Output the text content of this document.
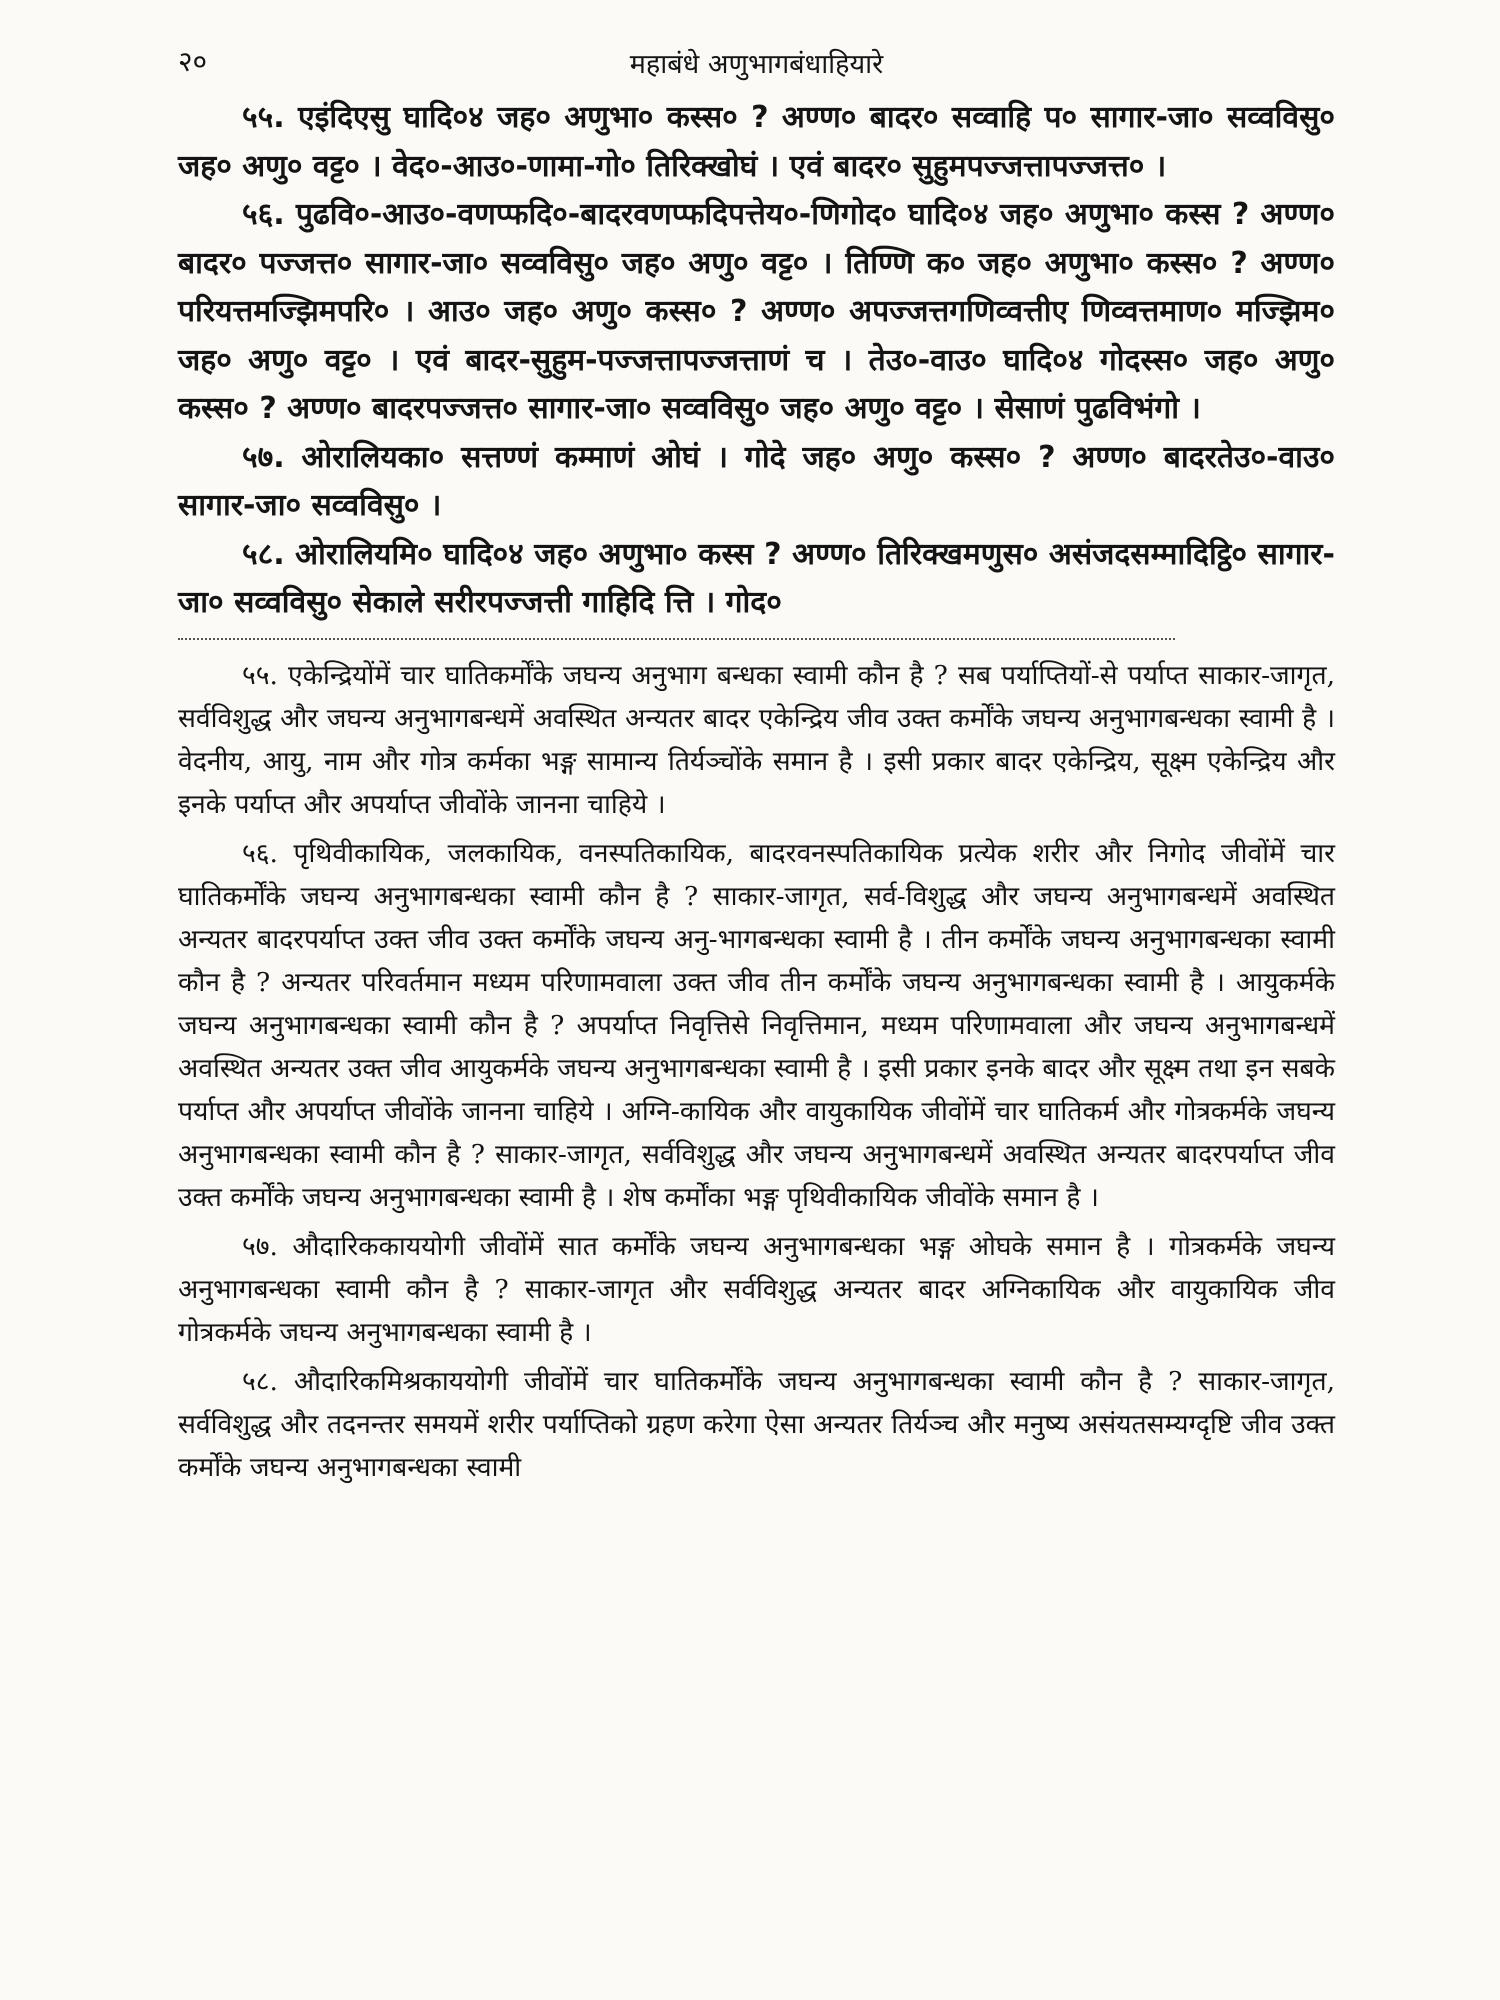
२०	महाबंधे अणुभागबंधाहियारे

५५. एइंदिएसु घादि०४ जह० अणुभा० कस्स० ? अण्ण० बादर० सव्वाहि प० सागार-जा० सव्वविसु० जह० अणु० वट्ट० । वेद०-आउ०-णामा-गो० तिरिक्खोघं । एवं बादर० सुहुमपज्जत्तापज्जत्त० ।

५६. पुढवि०-आउ०-वणप्फदि०-बादरवणप्फदिपत्तेय०-णिगोद० घादि०४ जह० अणुभा० कस्स ? अण्ण० बादर० पज्जत्त० सागार-जा० सव्वविसु० जह० अणु० वट्ट० । तिण्णि क० जह० अणुभा० कस्स० ? अण्ण० परियत्तमज्झिमपरि० । आउ० जह० अणु० कस्स० ? अण्ण० अपज्जत्तगणिव्वत्तीए णिव्वत्तमाण० मज्झिम० जह० अणु० वट्ट० । एवं बादर-सुहुम-पज्जत्तापज्जत्ताणं च । तेउ०-वाउ० घादि०४ गोदस्स० जह० अणु० कस्स० ? अण्ण० बादरपज्जत्त० सागार-जा० सव्वविसु० जह० अणु० वट्ट० । सेसाणं पुढविभंगो ।

५७. ओरालियका० सत्तण्णं कम्माणं ओघं । गोदे जह० अणु० कस्स० ? अण्ण० बादरतेउ०-वाउ० सागार-जा० सव्वविसु० ।

५८. ओरालियमि० घादि०४ जह० अणुभा० कस्स ? अण्ण० तिरिक्खमणुस० असंजदसम्मादिट्ठि० सागार-जा० सव्वविसु० सेकाले सरीरपज्जत्ती गाहिदि त्ति । गोद०

५५. एकेन्द्रियोंमें चार घातिकर्मोंके जघन्य अनुभाग बन्धका स्वामी कौन है ? सब पर्याप्तियों-से पर्याप्त साकार-जागृत, सर्वविशुद्ध और जघन्य अनुभागबन्धमें अवस्थित अन्यतर बादर एकेन्द्रिय जीव उक्त कर्मोंके जघन्य अनुभागबन्धका स्वामी है । वेदनीय, आयु, नाम और गोत्र कर्मका भङ्ग सामान्य तिर्यञ्चोंके समान है । इसी प्रकार बादर एकेन्द्रिय, सूक्ष्म एकेन्द्रिय और इनके पर्याप्त और अपर्याप्त जीवोंके जानना चाहिये ।

५६. पृथिवीकायिक, जलकायिक, वनस्पतिकायिक, बादरवनस्पतिकायिक प्रत्येक शरीर और निगोद जीवोंमें चार घातिकर्मोंके जघन्य अनुभागबन्धका स्वामी कौन है ? साकार-जागृत, सर्व-विशुद्ध और जघन्य अनुभागबन्धमें अवस्थित अन्यतर बादरपर्याप्त उक्त जीव उक्त कर्मोंके जघन्य अनु-भागबन्धका स्वामी है । तीन कर्मोंके जघन्य अनुभागबन्धका स्वामी कौन है ? अन्यतर परिवर्तमान मध्यम परिणामवाला उक्त जीव तीन कर्मोंके जघन्य अनुभागबन्धका स्वामी है । आयुकर्मके जघन्य अनुभागबन्धका स्वामी कौन है ? अपर्याप्त निवृत्तिसे निवृत्तिमान, मध्यम परिणामवाला और जघन्य अनुभागबन्धमें अवस्थित अन्यतर उक्त जीव आयुकर्मके जघन्य अनुभागबन्धका स्वामी है । इसी प्रकार इनके बादर और सूक्ष्म तथा इन सबके पर्याप्त और अपर्याप्त जीवोंके जानना चाहिये । अग्नि-कायिक और वायुकायिक जीवोंमें चार घातिकर्म और गोत्रकर्मके जघन्य अनुभागबन्धका स्वामी कौन है ? साकार-जागृत, सर्वविशुद्ध और जघन्य अनुभागबन्धमें अवस्थित अन्यतर बादरपर्याप्त जीव उक्त कर्मोंके जघन्य अनुभागबन्धका स्वामी है । शेष कर्मोंका भङ्ग पृथिवीकायिक जीवोंके समान है ।

५७. औदारिककाययोगी जीवोंमें सात कर्मोंके जघन्य अनुभागबन्धका भङ्ग ओघके समान है । गोत्रकर्मके जघन्य अनुभागबन्धका स्वामी कौन है ? साकार-जागृत और सर्वविशुद्ध अन्यतर बादर अग्निकायिक और वायुकायिक जीव गोत्रकर्मके जघन्य अनुभागबन्धका स्वामी है ।

५८. औदारिकमिश्रकाययोगी जीवोंमें चार घातिकर्मोंके जघन्य अनुभागबन्धका स्वामी कौन है ? साकार-जागृत, सर्वविशुद्ध और तदनन्तर समयमें शरीर पर्याप्तिको ग्रहण करेगा ऐसा अन्यतर तिर्यञ्च और मनुष्य असंयतसम्यग्दृष्टि जीव उक्त कर्मोंके जघन्य अनुभागबन्धका स्वामी
